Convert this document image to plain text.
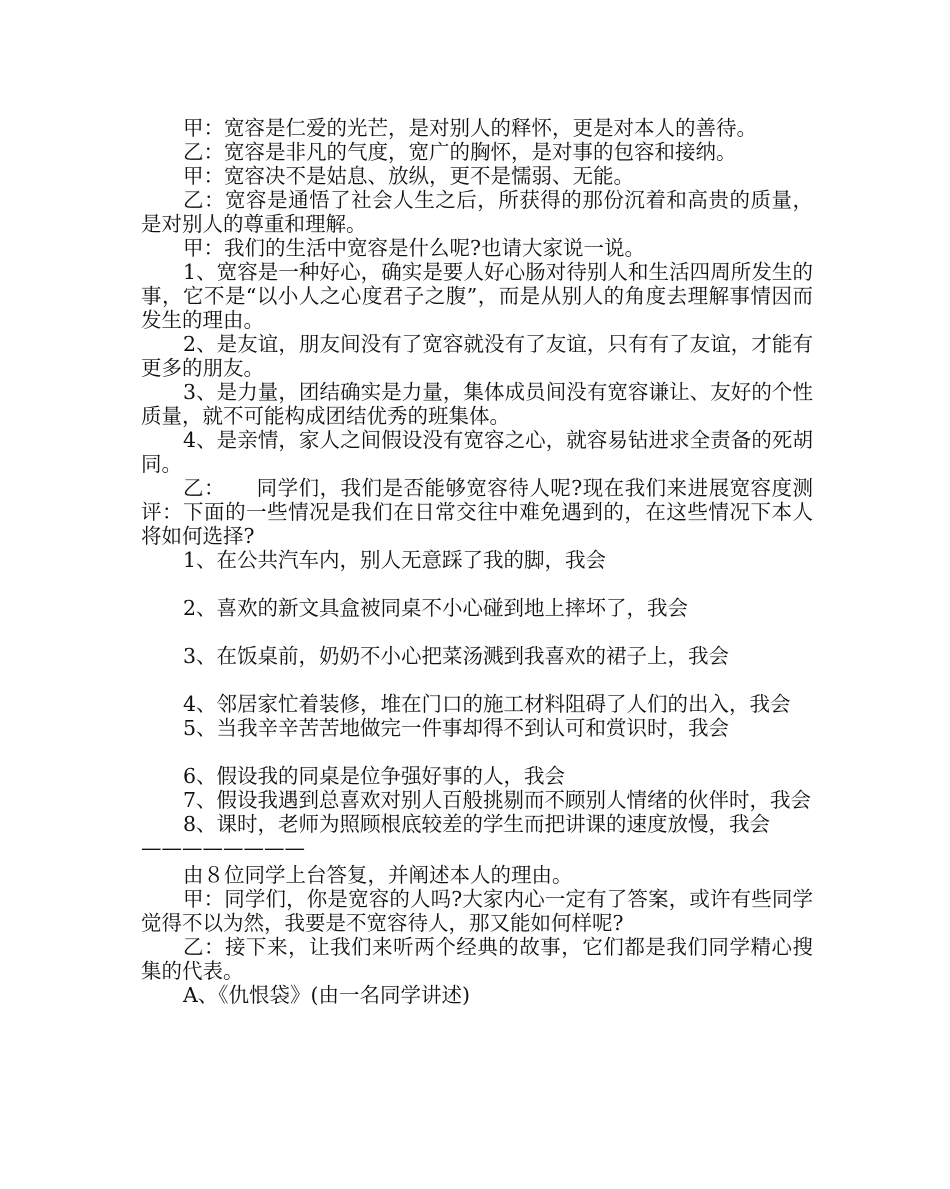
甲：宽容是仁爱的光芒，是对别人的释怀，更是对本人的善待。

乙：宽容是非凡的气度，宽广的胸怀，是对事的包容和接纳。

甲：宽容决不是姑息、放纵，更不是懦弱、无能。

乙：宽容是通悟了社会人生之后，所获得的那份沉着和高贵的质量，是对别人的尊重和理解。

甲：我们的生活中宽容是什么呢?也请大家说一说。

1、宽容是一种好心，确实是要人好心肠对待别人和生活四周所发生的事，它不是“以小人之心度君子之腹”，而是从别人的角度去理解事情因而发生的理由。

2、是友谊，朋友间没有了宽容就没有了友谊，只有有了友谊，才能有更多的朋友。

3、是力量，团结确实是力量，集体成员间没有宽容谦让、友好的个性质量，就不可能构成团结优秀的班集体。

4、是亲情，家人之间假设没有宽容之心，就容易钻进求全责备的死胡同。

乙：　　同学们，我们是否能够宽容待人呢?现在我们来进展宽容度测评：下面的一些情况是我们在日常交往中难免遇到的，在这些情况下本人将如何选择?

1、在公共汽车内，别人无意踩了我的脚，我会

2、喜欢的新文具盒被同桌不小心碰到地上摔坏了，我会

3、在饭桌前，奶奶不小心把菜汤溅到我喜欢的裙子上，我会

4、邻居家忙着装修，堆在门口的施工材料阻碍了人们的出入，我会

5、当我辛辛苦苦地做完一件事却得不到认可和赏识时，我会

6、假设我的同桌是位争强好事的人，我会

7、假设我遇到总喜欢对别人百般挑剔而不顾别人情绪的伙伴时，我会

8、课时，老师为照顾根底较差的学生而把讲课的速度放慢，我会

————————

由８位同学上台答复，并阐述本人的理由。

甲：同学们，你是宽容的人吗?大家内心一定有了答案，或许有些同学觉得不以为然，我要是不宽容待人，那又能如何样呢?

乙：接下来，让我们来听两个经典的故事，它们都是我们同学精心搜集的代表。

A、《仇恨袋》(由一名同学讲述)
